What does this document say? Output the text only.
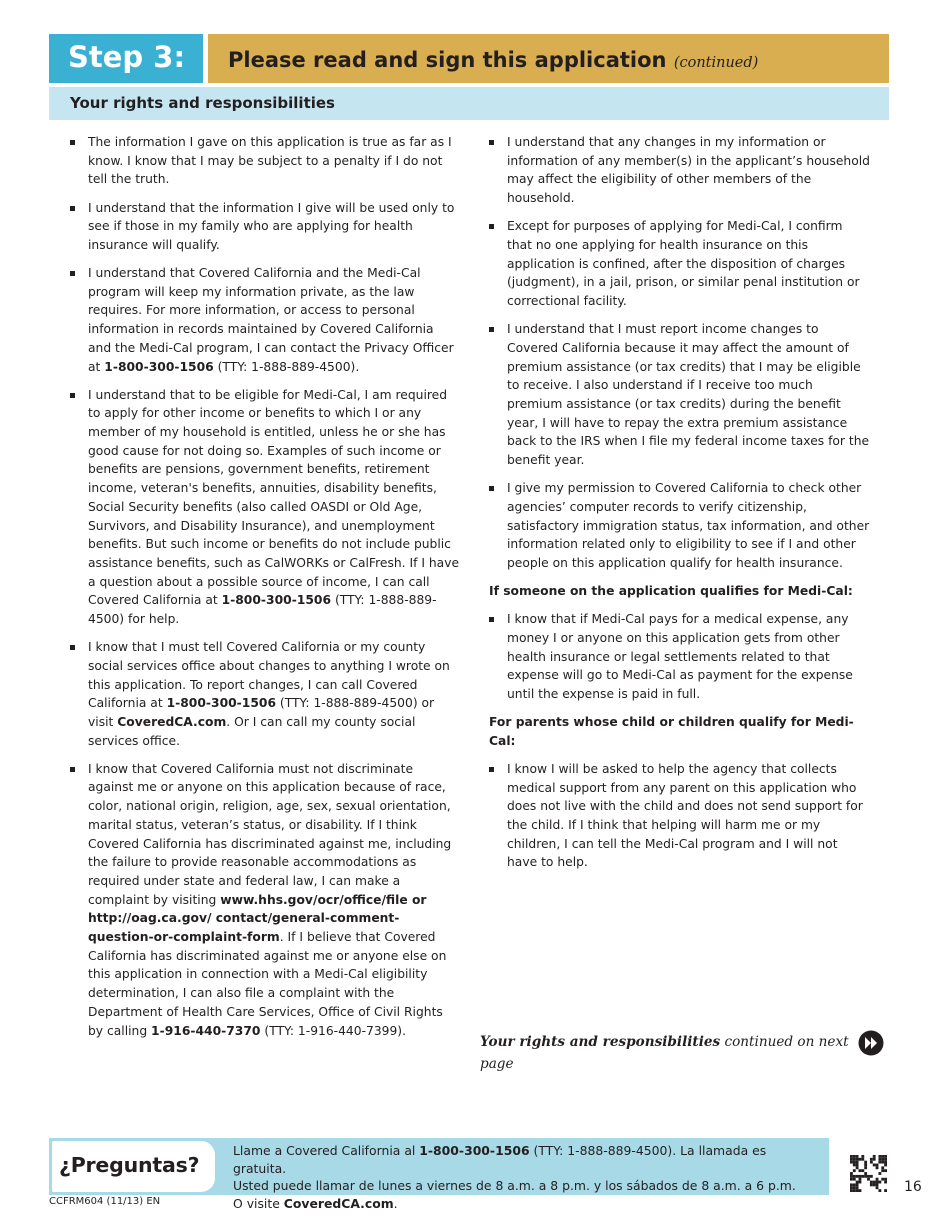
Step 3:	Please read and sign this application (continued)
Your rights and responsibilities
The information I gave on this application is true as far as I know. I know that I may be subject to a penalty if I do not tell the truth.
I understand that the information I give will be used only to see if those in my family who are applying for health insurance will qualify.
I understand that Covered California and the Medi-Cal program will keep my information private, as the law requires. For more information, or access to personal information in records maintained by Covered California and the Medi-Cal program, I can contact the Privacy Officer at 1-800-300-1506 (TTY: 1-888-889-4500).
I understand that to be eligible for Medi-Cal, I am required to apply for other income or benefits to which I or any member of my household is entitled, unless he or she has good cause for not doing so. Examples of such income or benefits are pensions, government benefits, retirement income, veteran's benefits, annuities, disability benefits, Social Security benefits (also called OASDI or Old Age, Survivors, and Disability Insurance), and unemployment benefits. But such income or benefits do not include public assistance benefits, such as CalWORKs or CalFresh. If I have a question about a possible source of income, I can call Covered California at 1-800-300-1506 (TTY: 1-888-889-4500) for help.
I know that I must tell Covered California or my county social services office about changes to anything I wrote on this application. To report changes, I can call Covered California at 1-800-300-1506 (TTY: 1-888-889-4500) or visit CoveredCA.com. Or I can call my county social services office.
I know that Covered California must not discriminate against me or anyone on this application because of race, color, national origin, religion, age, sex, sexual orientation, marital status, veteran’s status, or disability. If I think Covered California has discriminated against me, including the failure to provide reasonable accommodations as required under state and federal law, I can make a complaint by visiting www.hhs.gov/ocr/office/file or http://oag.ca.gov/ contact/general-comment-question-or-complaint-form. If I believe that Covered California has discriminated against me or anyone else on this application in connection with a Medi-Cal eligibility determination, I can also file a complaint with the Department of Health Care Services, Office of Civil Rights by calling 1-916-440-7370 (TTY: 1-916-440-7399).
I understand that any changes in my information or information of any member(s) in the applicant’s household may affect the eligibility of other members of the household.
Except for purposes of applying for Medi-Cal, I confirm that no one applying for health insurance on this application is confined, after the disposition of charges (judgment), in a jail, prison, or similar penal institution or correctional facility.
I understand that I must report income changes to Covered California because it may affect the amount of premium assistance (or tax credits) that I may be eligible to receive. I also understand if I receive too much premium assistance (or tax credits) during the benefit year, I will have to repay the extra premium assistance back to the IRS when I file my federal income taxes for the benefit year.
I give my permission to Covered California to check other agencies’ computer records to verify citizenship, satisfactory immigration status, tax information, and other information related only to eligibility to see if I and other people on this application qualify for health insurance.
If someone on the application qualifies for Medi-Cal:
I know that if Medi-Cal pays for a medical expense, any money I or anyone on this application gets from other health insurance or legal settlements related to that expense will go to Medi-Cal as payment for the expense until the expense is paid in full.
For parents whose child or children qualify for Medi-Cal:
I know I will be asked to help the agency that collects medical support from any parent on this application who does not live with the child and does not send support for the child. If I think that helping will harm me or my children, I can tell the Medi-Cal program and I will not have to help.
Your rights and responsibilities continued on next page
¿Preguntas?
Llame a Covered California al 1-800-300-1506 (TTY: 1-888-889-4500). La llamada es gratuita.
Usted puede llamar de lunes a viernes de 8 a.m. a 8 p.m. y los sábados de 8 a.m. a 6 p.m.
O visite CoveredCA.com.
CCFRM604 (11/13) EN
16
